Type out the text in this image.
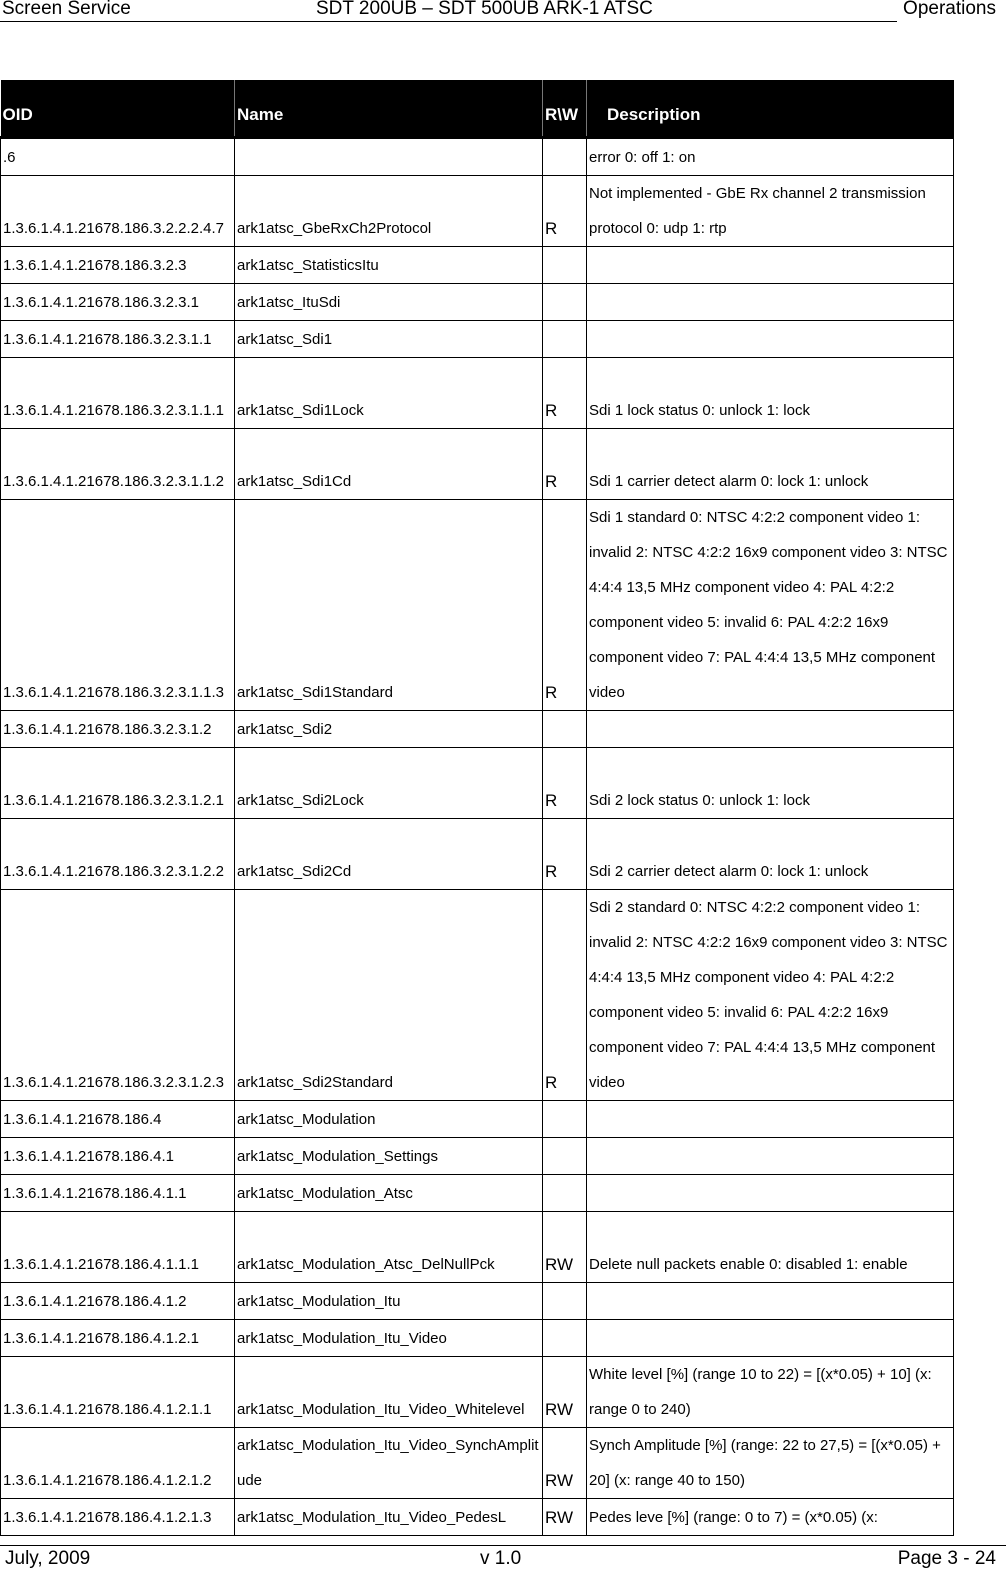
Screen Service	SDT 200UB – SDT 500UB ARK-1 ATSC	Operations
OID	Name	R\W	Description
.6			error 0: off 1: on
1.3.6.1.4.1.21678.186.3.2.2.2.4.7	ark1atsc_GbeRxCh2Protocol	R	Not implemented - GbE Rx channel 2 transmission protocol 0: udp 1: rtp
1.3.6.1.4.1.21678.186.3.2.3	ark1atsc_StatisticsItu		
1.3.6.1.4.1.21678.186.3.2.3.1	ark1atsc_ItuSdi		
1.3.6.1.4.1.21678.186.3.2.3.1.1	ark1atsc_Sdi1		
1.3.6.1.4.1.21678.186.3.2.3.1.1.1	ark1atsc_Sdi1Lock	R	Sdi 1 lock status 0: unlock 1: lock
1.3.6.1.4.1.21678.186.3.2.3.1.1.2	ark1atsc_Sdi1Cd	R	Sdi 1 carrier detect alarm 0: lock 1: unlock
1.3.6.1.4.1.21678.186.3.2.3.1.1.3	ark1atsc_Sdi1Standard	R	Sdi 1 standard 0: NTSC 4:2:2 component video 1: invalid 2: NTSC 4:2:2 16x9 component video 3: NTSC 4:4:4 13,5 MHz component video 4: PAL 4:2:2 component video 5: invalid 6: PAL 4:2:2 16x9 component video 7: PAL 4:4:4 13,5 MHz component video
1.3.6.1.4.1.21678.186.3.2.3.1.2	ark1atsc_Sdi2		
1.3.6.1.4.1.21678.186.3.2.3.1.2.1	ark1atsc_Sdi2Lock	R	Sdi 2 lock status 0: unlock 1: lock
1.3.6.1.4.1.21678.186.3.2.3.1.2.2	ark1atsc_Sdi2Cd	R	Sdi 2 carrier detect alarm 0: lock 1: unlock
1.3.6.1.4.1.21678.186.3.2.3.1.2.3	ark1atsc_Sdi2Standard	R	Sdi 2 standard 0: NTSC 4:2:2 component video 1: invalid 2: NTSC 4:2:2 16x9 component video 3: NTSC 4:4:4 13,5 MHz component video 4: PAL 4:2:2 component video 5: invalid 6: PAL 4:2:2 16x9 component video 7: PAL 4:4:4 13,5 MHz component video
1.3.6.1.4.1.21678.186.4	ark1atsc_Modulation		
1.3.6.1.4.1.21678.186.4.1	ark1atsc_Modulation_Settings		
1.3.6.1.4.1.21678.186.4.1.1	ark1atsc_Modulation_Atsc		
1.3.6.1.4.1.21678.186.4.1.1.1	ark1atsc_Modulation_Atsc_DelNullPck	RW	Delete null packets enable 0: disabled 1: enable
1.3.6.1.4.1.21678.186.4.1.2	ark1atsc_Modulation_Itu		
1.3.6.1.4.1.21678.186.4.1.2.1	ark1atsc_Modulation_Itu_Video		
1.3.6.1.4.1.21678.186.4.1.2.1.1	ark1atsc_Modulation_Itu_Video_Whitelevel	RW	White level [%] (range 10 to 22) = [(x*0.05) + 10] (x: range 0 to 240)
1.3.6.1.4.1.21678.186.4.1.2.1.2	ark1atsc_Modulation_Itu_Video_SynchAmplitude	RW	Synch Amplitude [%] (range: 22 to 27,5) = [(x*0.05) + 20] (x: range 40 to 150)
1.3.6.1.4.1.21678.186.4.1.2.1.3	ark1atsc_Modulation_Itu_Video_PedesL	RW	Pedes leve [%] (range: 0 to 7) = (x*0.05) (x:
July, 2009	v 1.0	Page 3 - 24
